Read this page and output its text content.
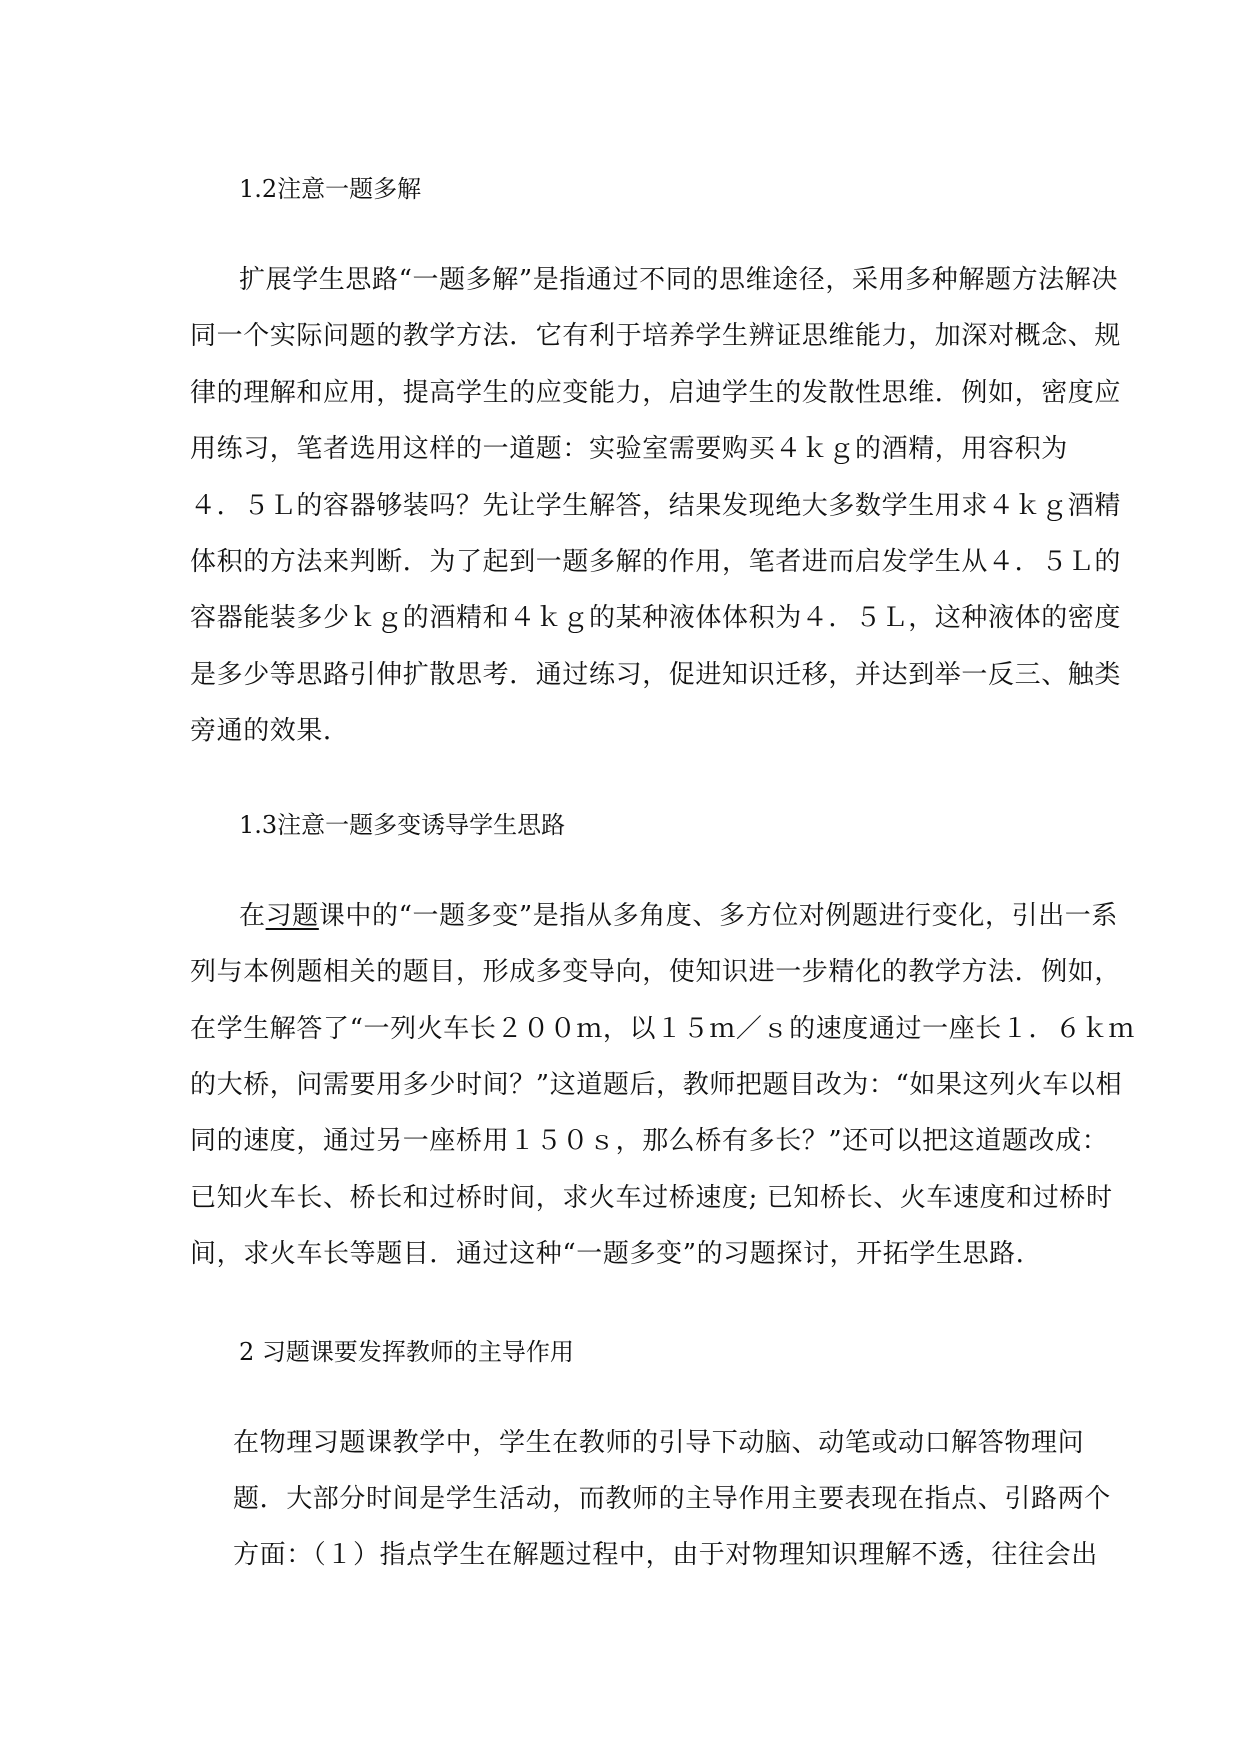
1.2注意一题多解
扩展学生思路“一题多解”是指通过不同的思维途径，采用多种解题方法解决
同一个实际问题的教学方法．它有利于培养学生辨证思维能力，加深对概念、规
律的理解和应用，提高学生的应变能力，启迪学生的发散性思维．例如，密度应
用练习，笔者选用这样的一道题：实验室需要购买４ｋｇ的酒精，用容积为
４．５Ｌ的容器够装吗？先让学生解答，结果发现绝大多数学生用求４ｋｇ酒精
体积的方法来判断．为了起到一题多解的作用，笔者进而启发学生从４．５Ｌ的
容器能装多少ｋｇ的酒精和４ｋｇ的某种液体体积为４．５Ｌ，这种液体的密度
是多少等思路引伸扩散思考．通过练习，促进知识迁移，并达到举一反三、触类
旁通的效果．
1.3注意一题多变诱导学生思路
在习题课中的“一题多变”是指从多角度、多方位对例题进行变化，引出一系
列与本例题相关的题目，形成多变导向，使知识进一步精化的教学方法．例如，
在学生解答了“一列火车长２００ｍ，以１５ｍ／ｓ的速度通过一座长１．６ｋｍ
的大桥，问需要用多少时间？”这道题后，教师把题目改为：“如果这列火车以相
同的速度，通过另一座桥用１５０ｓ，那么桥有多长？”还可以把这道题改成：
已知火车长、桥长和过桥时间，求火车过桥速度; 已知桥长、火车速度和过桥时
间，求火车长等题目．通过这种“一题多变”的习题探讨，开拓学生思路．
2 习题课要发挥教师的主导作用
在物理习题课教学中，学生在教师的引导下动脑、动笔或动口解答物理问
题．大部分时间是学生活动，而教师的主导作用主要表现在指点、引路两个
方面：（１）指点学生在解题过程中，由于对物理知识理解不透，往往会出
